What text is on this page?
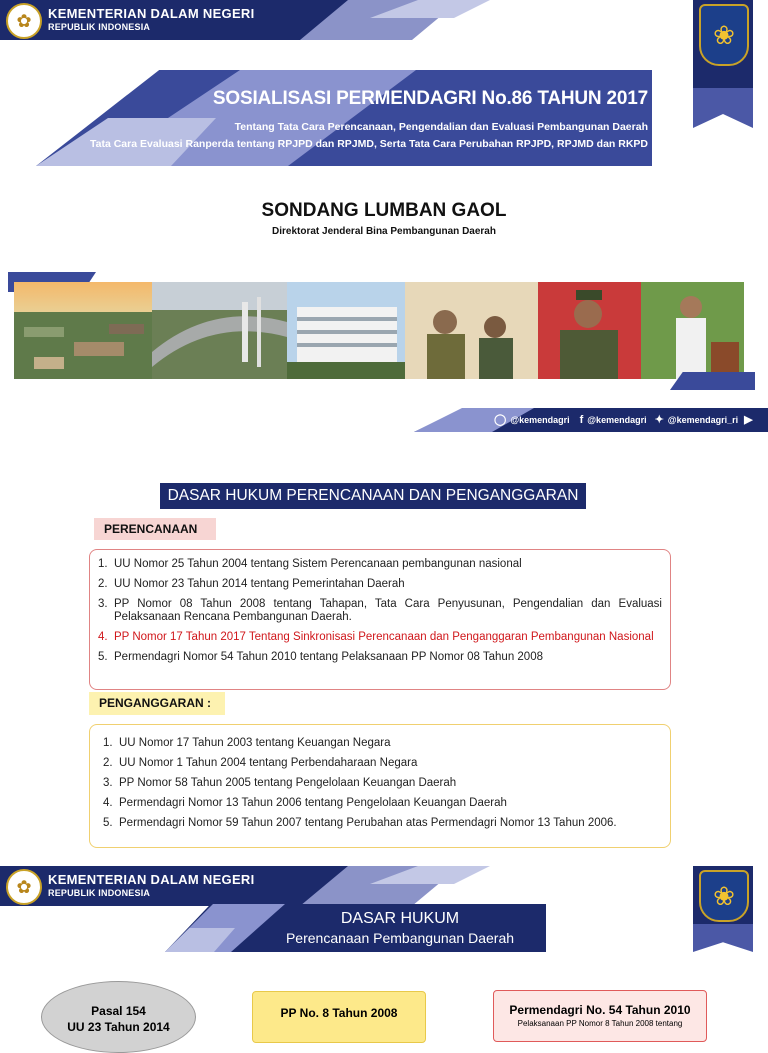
✿	KEMENTERIAN DALAM NEGERI
REPUBLIK INDONESIA	❀
SOSIALISASI PERMENDAGRI No.86 TAHUN 2017
Tentang Tata Cara Perencanaan, Pengendalian dan Evaluasi Pembangunan Daerah
Tata Cara Evaluasi Ranperda tentang RPJPD dan RPJMD, Serta Tata Cara Perubahan RPJPD, RPJMD dan RKPD
SONDANG LUMBAN GAOL
Direktorat Jenderal Bina Pembangunan Daerah
◯ @kemendagri f @kemendagri ✦ @kemendagri_ri ▶
DASAR HUKUM PERENCANAAN DAN PENGANGGARAN
PERENCANAAN
1. UU Nomor 25 Tahun 2004 tentang Sistem Perencanaan pembangunan nasional
2. UU Nomor 23 Tahun 2014 tentang Pemerintahan Daerah
3. PP Nomor 08 Tahun 2008 tentang Tahapan, Tata Cara Penyusunan, Pengendalian dan Evaluasi Pelaksanaan Rencana Pembangunan Daerah.
4. PP Nomor 17 Tahun 2017 Tentang Sinkronisasi Perencanaan dan Penganggaran Pembangunan Nasional
5. Permendagri Nomor 54 Tahun 2010 tentang Pelaksanaan PP Nomor 08 Tahun 2008
PENGANGGARAN :
1. UU Nomor 17 Tahun 2003 tentang Keuangan Negara
2. UU Nomor 1 Tahun 2004 tentang Perbendaharaan Negara
3. PP Nomor 58 Tahun 2005 tentang Pengelolaan Keuangan Daerah
4. Permendagri Nomor 13 Tahun 2006 tentang Pengelolaan Keuangan Daerah
5. Permendagri Nomor 59 Tahun 2007 tentang Perubahan atas Permendagri Nomor 13 Tahun 2006.
✿	KEMENTERIAN DALAM NEGERI
REPUBLIK INDONESIA	❀
DASAR HUKUM
Perencanaan Pembangunan Daerah
Pasal 154
UU 23 Tahun 2014
PP No. 8 Tahun 2008	Permendagri No. 54 Tahun 2010
Pelaksanaan PP Nomor 8 Tahun 2008 tentang
